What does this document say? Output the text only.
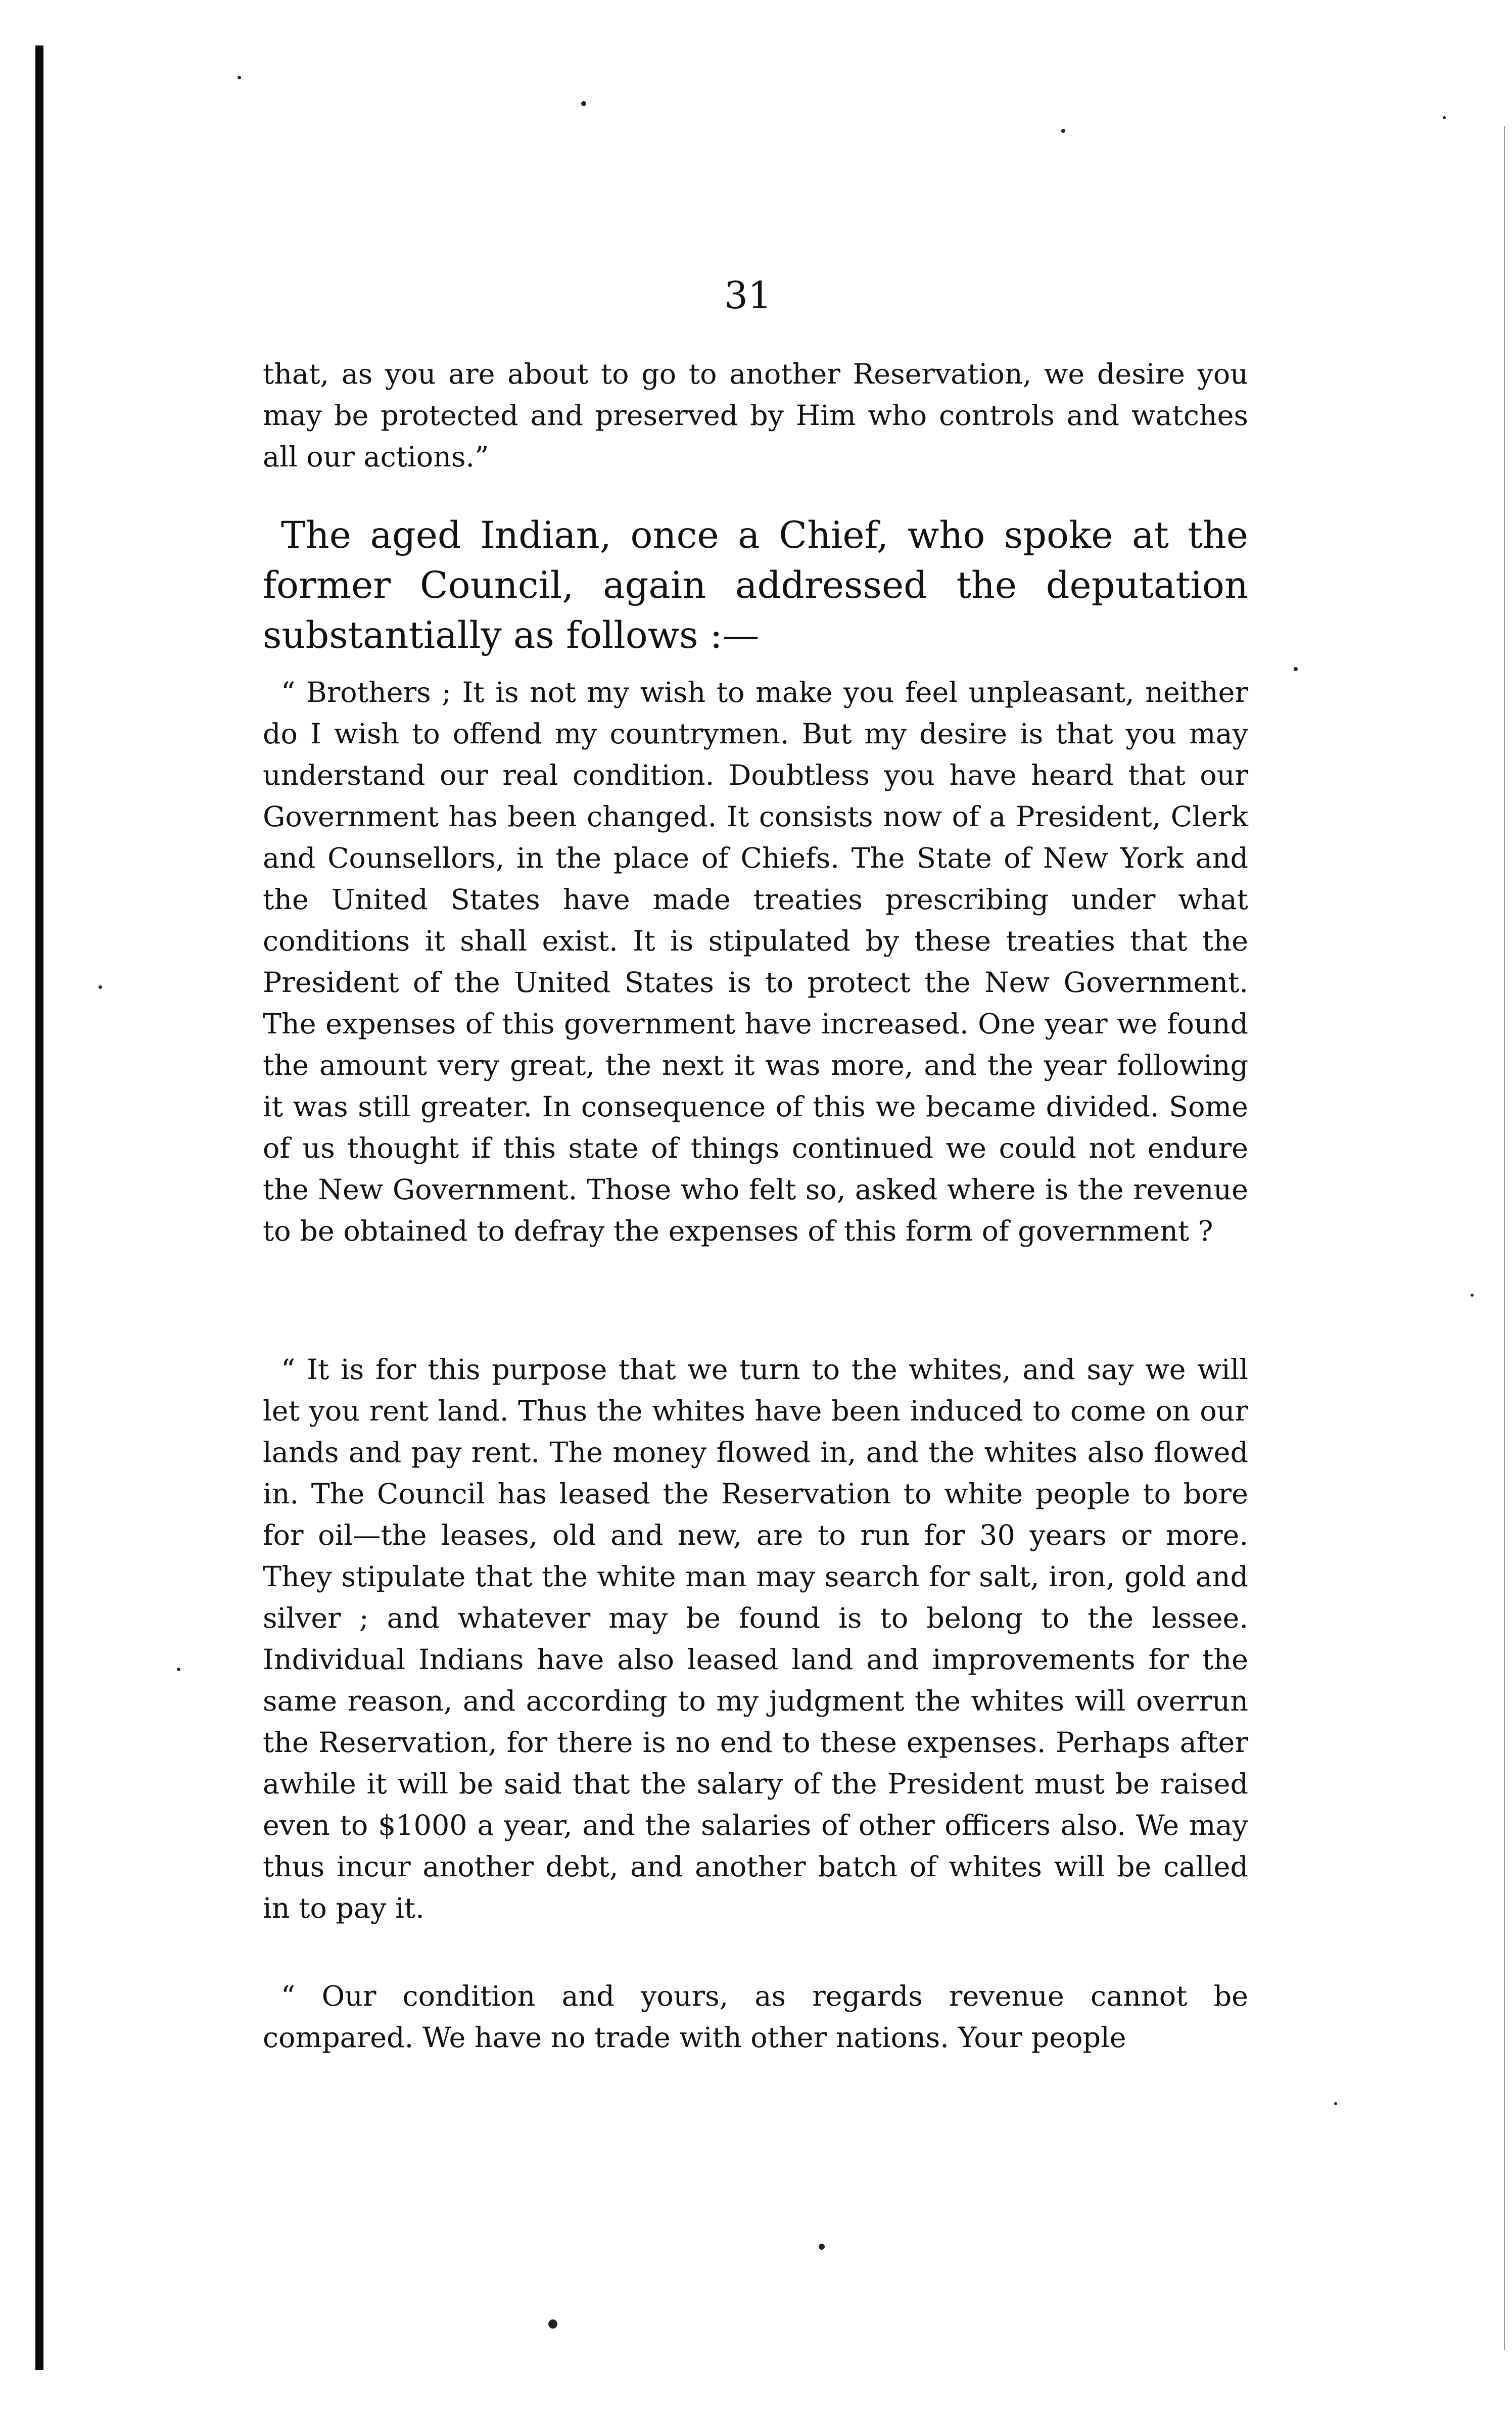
31

that, as you are about to go to another Reservation, we desire you may be protected and preserved by Him who controls and watches all our actions.”

The aged Indian, once a Chief, who spoke at the former Council, again addressed the deputation substantially as follows :—

“ Brothers ; It is not my wish to make you feel unpleasant, neither do I wish to offend my countrymen. But my desire is that you may understand our real condition. Doubtless you have heard that our Government has been changed. It consists now of a President, Clerk and Counsellors, in the place of Chiefs. The State of New York and the United States have made treaties prescribing under what conditions it shall exist. It is stipulated by these treaties that the President of the United States is to protect the New Government. The expenses of this government have increased. One year we found the amount very great, the next it was more, and the year following it was still greater. In consequence of this we became divided. Some of us thought if this state of things continued we could not endure the New Government. Those who felt so, asked where is the revenue to be obtained to defray the expenses of this form of government ?

“ It is for this purpose that we turn to the whites, and say we will let you rent land. Thus the whites have been induced to come on our lands and pay rent. The money flowed in, and the whites also flowed in. The Council has leased the Reservation to white people to bore for oil—the leases, old and new, are to run for 30 years or more. They stipulate that the white man may search for salt, iron, gold and silver ; and whatever may be found is to belong to the lessee. Individual Indians have also leased land and improvements for the same reason, and according to my judgment the whites will overrun the Reservation, for there is no end to these expenses. Perhaps after awhile it will be said that the salary of the President must be raised even to $1000 a year, and the salaries of other officers also. We may thus incur another debt, and another batch of whites will be called in to pay it.

“ Our condition and yours, as regards revenue cannot be compared. We have no trade with other nations. Your people
